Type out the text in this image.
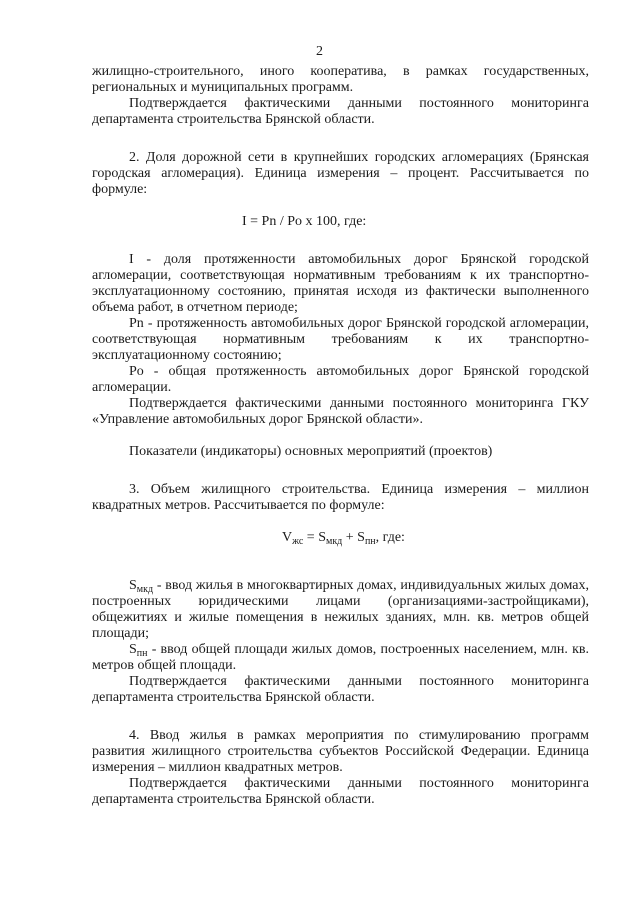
2

жилищно-строительного, иного кооператива, в рамках государственных, региональных и муниципальных программ.

Подтверждается фактическими данными постоянного мониторинга департамента строительства Брянской области.

2. Доля дорожной сети в крупнейших городских агломерациях (Брянская городская агломерация). Единица измерения – процент. Рассчитывается по формуле:

I = Pn / Po x 100, где:

I - доля протяженности автомобильных дорог Брянской городской агломерации, соответствующая нормативным требованиям к их транспортно-эксплуатационному состоянию, принятая исходя из фактически выполненного объема работ, в отчетном периоде;

Pn - протяженность автомобильных дорог Брянской городской агломерации, соответствующая нормативным требованиям к их транспортно-эксплуатационному состоянию;

Po - общая протяженность автомобильных дорог Брянской городской агломерации.

Подтверждается фактическими данными постоянного мониторинга ГКУ «Управление автомобильных дорог Брянской области».

Показатели (индикаторы) основных мероприятий (проектов)

3. Объем жилищного строительства. Единица измерения – миллион квадратных метров. Рассчитывается по формуле:

$V_{жс} = S_{мкд} + S_{пн}$, где:

$S_{мкд}$ - ввод жилья в многоквартирных домах, индивидуальных жилых домах, построенных юридическими лицами (организациями-застройщиками), общежитиях и жилые помещения в нежилых зданиях, млн. кв. метров общей площади;

$S_{пн}$ - ввод общей площади жилых домов, построенных населением, млн. кв. метров общей площади.

Подтверждается фактическими данными постоянного мониторинга департамента строительства Брянской области.

4. Ввод жилья в рамках мероприятия по стимулированию программ развития жилищного строительства субъектов Российской Федерации. Единица измерения – миллион квадратных метров.

Подтверждается фактическими данными постоянного мониторинга департамента строительства Брянской области.
